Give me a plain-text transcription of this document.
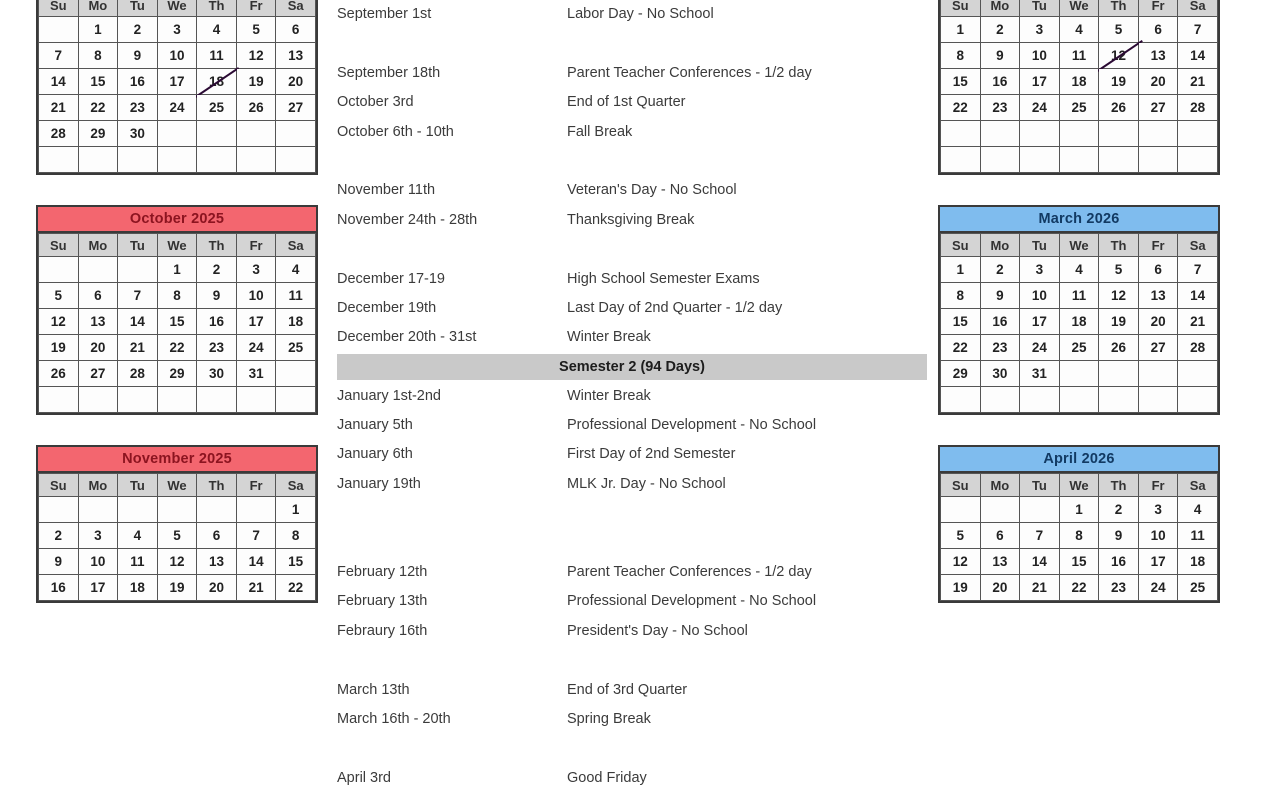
Su	Mo	Tu	We	Th	Fr	Sa
	1	2	3	4	5	6
7	8	9	10	11	12	13
14	15	16	17	18	19	20
21	22	23	24	25	26	27
28	29	30				

October 2025
Su	Mo	Tu	We	Th	Fr	Sa
			1	2	3	4
5	6	7	8	9	10	11
12	13	14	15	16	17	18
19	20	21	22	23	24	25
26	27	28	29	30	31	

November 2025
Su	Mo	Tu	We	Th	Fr	Sa
						1
2	3	4	5	6	7	8
9	10	11	12	13	14	15
16	17	18	19	20	21	22
September 1st	Labor Day - No School

September 18th	Parent Teacher Conferences - 1/2 day
October 3rd	End of 1st Quarter
October 6th - 10th	Fall Break

November 11th	Veteran's Day - No School
November 24th - 28th	Thanksgiving Break

December 17-19	High School Semester Exams
December 19th	Last Day of 2nd Quarter - 1/2 day
December 20th - 31st	Winter Break
Semester 2 (94 Days)
January 1st-2nd	Winter Break
January 5th	Professional Development - No School
January 6th	First Day of 2nd Semester
January 19th	MLK Jr. Day - No School

February 12th	Parent Teacher Conferences - 1/2 day
February 13th	Professional Development - No School
Febraury 16th	President's Day - No School

March 13th	End of 3rd Quarter
March 16th - 20th	Spring Break

April 3rd	Good Friday

Su	Mo	Tu	We	Th	Fr	Sa
1	2	3	4	5	6	7
8	9	10	11	12	13	14
15	16	17	18	19	20	21
22	23	24	25	26	27	28

March 2026
Su	Mo	Tu	We	Th	Fr	Sa
1	2	3	4	5	6	7
8	9	10	11	12	13	14
15	16	17	18	19	20	21
22	23	24	25	26	27	28
29	30	31				

April 2026
Su	Mo	Tu	We	Th	Fr	Sa
			1	2	3	4
5	6	7	8	9	10	11
12	13	14	15	16	17	18
19	20	21	22	23	24	25
